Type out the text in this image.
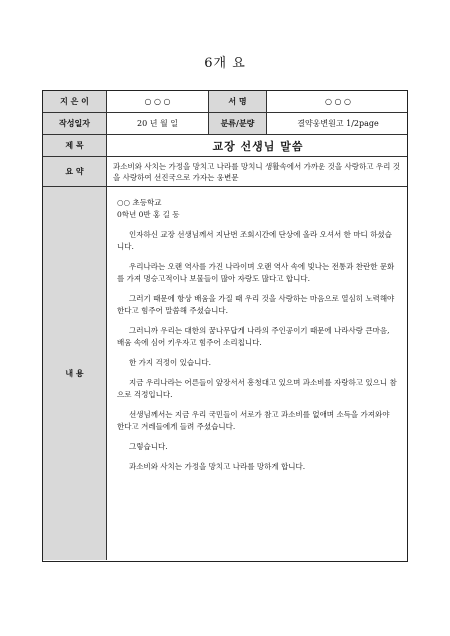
6개 요
지 은 이	○ ○ ○	서 명	○ ○ ○
작성일자	20 년 월 일	분류/분량	결약웅변원고 1/2page
제 목	교장 선생님 말씀
요 약	과소비와 사치는 가정을 망치고 나라를 망치니 생활속에서 가까운 것을 사랑하고 우리 것을 사랑하여 선진국으로 가자는 웅변문
내 용

○○ 초등학교

0학년 0반 홍 길 동

인자하신 교장 선생님께서 지난번 조회시간에 단상에 올라 오셔서 한 마디 하셨습니다.

우리나라는 오랜 역사를 가진 나라이며 오랜 역사 속에 빛나는 전통과 찬란한 문화를 가져 명승고적이나 보물들이 많아 자랑도 많다고 합니다.

그러기 때문에 항상 배움을 가질 때 우리 것을 사랑하는 마음으로 열심히 노력해야 한다고 힘주어 말씀해 주셨습니다.

그러니까 우리는 대한의 꿈나무답게 나라의 주인공이기 때문에 나라사랑 큰마음, 배움 속에 심어 키우자고 힘주어 소리칩니다.

한 가지 걱정이 있습니다.

지금 우리나라는 어른들이 앞장서서 흥청대고 있으며 과소비를 자랑하고 있으니 참으로 걱정입니다.

선생님께서는 지금 우리 국민들이 서로가 참고 과소비를 없애며 소득을 가져와야 한다고 겨레들에게 들려 주셨습니다.

그렇습니다.

과소비와 사치는 가정을 망치고 나라를 망하게 합니다.
